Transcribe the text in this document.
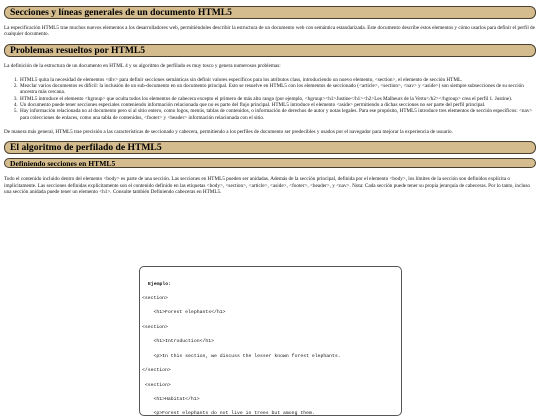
Secciones y líneas generales de un documento HTML5

La especificación HTML5 trae muchos nuevos elementos a los desarrolladores web, permitiéndoles describir la estructura de un documento web con semántica estandarizada. Este documento describe estos elementos y cómo usarlos para definir el perfil de cualquier documento.

Problemas resueltos por HTML5

La definición de la estructura de un documento en HTML 4 y su algoritmo de perfilado es muy tosco y genera numerosos problemas:

1. HTML5 quita la necesidad de elementos <div> para definir secciones semánticas sin definir valores específicos para los atributos class, introduciendo un nuevo elemento, <section>, el elemento de sección HTML.
2. Mezclar varios documentos es difícil: la inclusión de un sub-documento en un documento principal. Esto se resuelve en HTML5 con los elementos de seccionado (<article>, <section>, <nav> y <aside>) son siempre subsecciones de su sección ancestra más cercana.
3. HTML5 introduce el elemento <hgroup> que oculta todos los elementos de cabecera excepto el primero de más alto rango (por ejemplo, <hgroup><h1>Justine</h1><h2>Les Malheurs de la Vertu</h2></hgroup> crea el perfil 1. Justine).
4. Un documento puede tener secciones especiales conteniendo información relacionada que no es parte del flujo principal. HTML5 introduce el elemento <aside> permitiendo a dichas secciones no ser parte del perfil principal.
5. Hay información relacionada no al documento pero sí al sitio entero, como logos, menús, tablas de contenidos, o información de derechos de autor y notas legales. Para ese propósito, HTML5 introduce tres elementos de sección específicos: <nav> para colecciones de enlaces, como una tabla de contenidos, <footer> y <header> información relacionada con el sitio.

De manera más general, HTML5 trae precisión a las características de seccionado y cabecera, permitiendo a los perfiles de documento ser predecibles y usados por el navegador para mejorar la experiencia de usuario.

El algoritmo de perfilado de HTML5
Definiendo secciones en HTML5

Todo el contenido incluido dentro del elemento <body> es parte de una sección. Las secciones en HTML5 pueden ser anidadas. Además de la sección principal, definida por el elemento <body>, los límites de la sección son definidos explícita o implícitamente. Las secciones definidas explícitamente son el contenido definido en las etiquetas <body>, <section>, <article>, <aside>, <footer>, <header>, y <nav>. Nota: Cada sección puede tener su propia jerarquía de cabeceras. Por lo tanto, incluso una sección anidada puede tener un elemento <h1>. Consulte también Definiendo cabeceras en HTML5.

Ejemplo:
<section>
<h1>Forest elephants</h1>
<section>
<h1>Introduction</h1>
<p>In this section, we discuss the lesser known forest elephants.
</section>
<section>
<h1>Habitat</h1>
<p>Forest elephants do not live in trees but among them.
